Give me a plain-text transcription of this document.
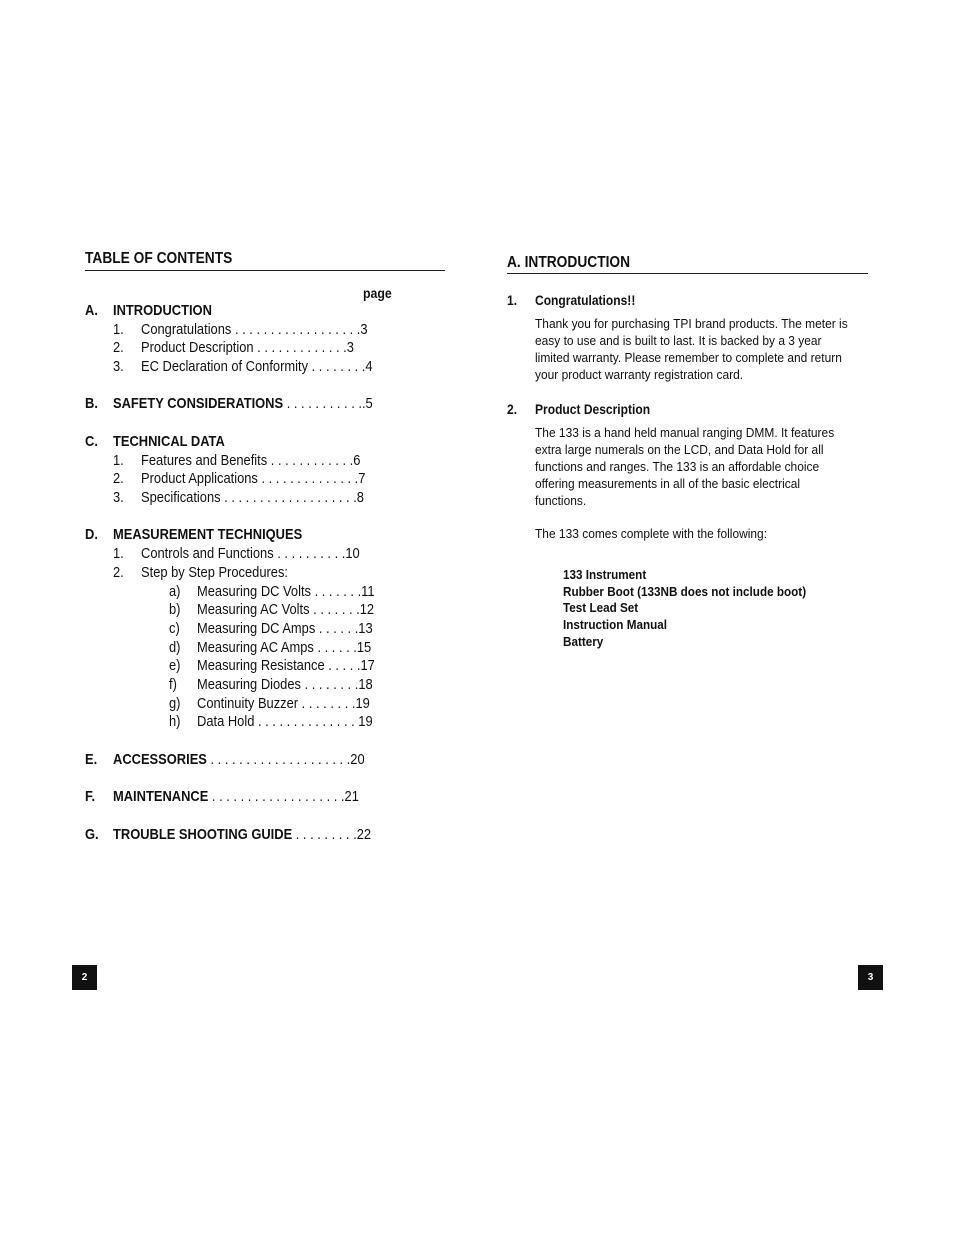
TABLE OF CONTENTS
page
A. INTRODUCTION
1. Congratulations . . . . . . . . . . . . . . . . . .3
2. Product Description . . . . . . . . . . . . .3
3. EC Declaration of Conformity . . . . . . . .4
B. SAFETY CONSIDERATIONS . . . . . . . . . . ..5
C. TECHNICAL DATA
1. Features and Benefits . . . . . . . . . . . .6
2. Product Applications . . . . . . . . . . . . . .7
3. Specifications . . . . . . . . . . . . . . . . . . .8
D. MEASUREMENT TECHNIQUES
1. Controls and Functions . . . . . . . . . .10
2. Step by Step Procedures:
a) Measuring DC Volts . . . . . . .11
b) Measuring AC Volts . . . . . . .12
c) Measuring DC Amps . . . . . .13
d) Measuring AC Amps . . . . . .15
e) Measuring Resistance . . . . .17
f) Measuring Diodes . . . . . . . .18
g) Continuity Buzzer . . . . . . . .19
h) Data Hold . . . . . . . . . . . . . . 19
E. ACCESSORIES . . . . . . . . . . . . . . . . . . . .20
F. MAINTENANCE . . . . . . . . . . . . . . . . . . .21
G. TROUBLE SHOOTING GUIDE . . . . . . . . .22
2
A. INTRODUCTION
1. Congratulations!!
Thank you for purchasing TPI brand products. The meter is
easy to use and is built to last. It is backed by a 3 year
limited warranty. Please remember to complete and return
your product warranty registration card.
2. Product Description
The 133 is a hand held manual ranging DMM. It features
extra large numerals on the LCD, and Data Hold for all
functions and ranges. The 133 is an affordable choice
offering measurements in all of the basic electrical
functions.
The 133 comes complete with the following:
133 Instrument
Rubber Boot (133NB does not include boot)
Test Lead Set
Instruction Manual
Battery
3
